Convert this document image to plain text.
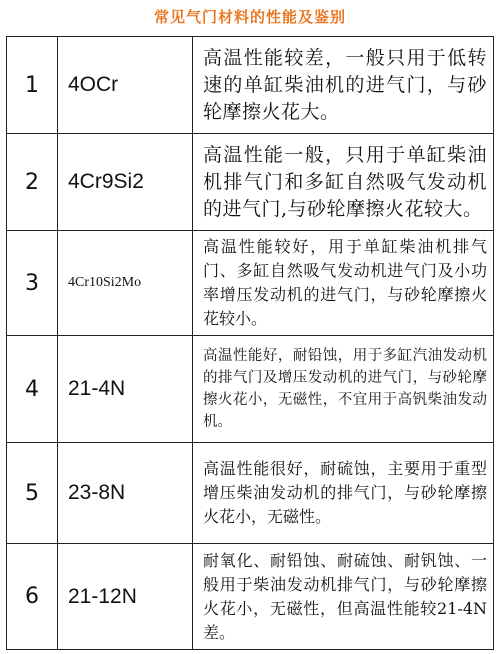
常见气门材料的性能及鉴别
1	4OCr	高温性能较差，一般只用于低转速的单缸柴油机的进气门，与砂轮摩擦火花大。
2	4Cr9Si2	高温性能一般，只用于单缸柴油机排气门和多缸自然吸气发动机的进气门,与砂轮摩擦火花较大。
3	4Cr10Si2Mo	高温性能较好，用于单缸柴油机排气门、多缸自然吸气发动机进气门及小功率增压发动机的进气门，与砂轮摩擦火花较小。
4	21-4N	高温性能好，耐铅蚀，用于多缸汽油发动机的排气门及增压发动机的进气门，与砂轮摩擦火花小，无磁性，不宜用于高钒柴油发动机。
5	23-8N	高温性能很好，耐硫蚀，主要用于重型增压柴油发动机的排气门，与砂轮摩擦火花小，无磁性。
6	21-12N	耐氧化、耐铅蚀、耐硫蚀、耐钒蚀、一般用于柴油发动机排气门，与砂轮摩擦火花小，无磁性，但高温性能较21-4N差。
